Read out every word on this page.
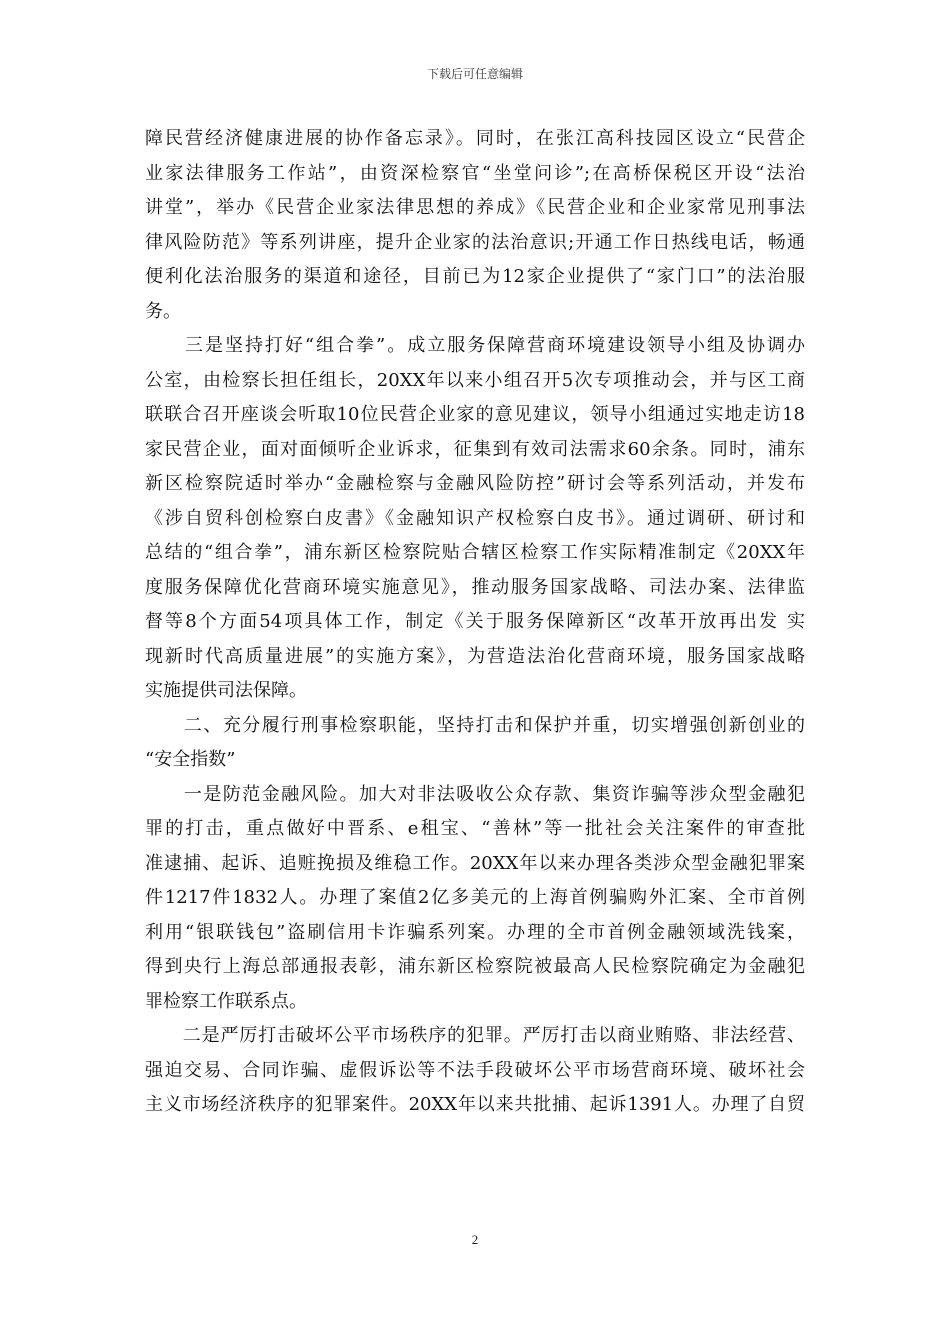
下载后可任意编辑
障民营经济健康进展的协作备忘录》。同时，在张江高科技园区设立“民营企
业家法律服务工作站”，由资深检察官“坐堂问诊”;在高桥保税区开设“法治
讲堂”，举办《民营企业家法律思想的养成》《民营企业和企业家常见刑事法
律风险防范》等系列讲座，提升企业家的法治意识;开通工作日热线电话，畅通
便利化法治服务的渠道和途径，目前已为12家企业提供了“家门口”的法治服
务。
　　三是坚持打好“组合拳”。成立服务保障营商环境建设领导小组及协调办
公室，由检察长担任组长，20XX年以来小组召开5次专项推动会，并与区工商
联联合召开座谈会听取10位民营企业家的意见建议，领导小组通过实地走访18
家民营企业，面对面倾听企业诉求，征集到有效司法需求60余条。同时，浦东
新区检察院适时举办“金融检察与金融风险防控”研讨会等系列活动，并发布
《涉自贸科创检察白皮書》《金融知识产权检察白皮书》。通过调研、研讨和
总结的“组合拳”，浦东新区检察院贴合辖区检察工作实际精准制定《20XX年
度服务保障优化营商环境实施意见》，推动服务国家战略、司法办案、法律监
督等8个方面54项具体工作，制定《关于服务保障新区“改革开放再出发 实
现新时代高质量进展”的实施方案》，为营造法治化营商环境，服务国家战略
实施提供司法保障。
　　二、充分履行刑事检察职能，坚持打击和保护并重，切实增强创新创业的
“安全指数”
　　一是防范金融风险。加大对非法吸收公众存款、集资诈骗等涉众型金融犯
罪的打击，重点做好中晋系、e租宝、“善林”等一批社会关注案件的审查批
准逮捕、起诉、追赃挽损及维稳工作。20XX年以来办理各类涉众型金融犯罪案
件1217件1832人。办理了案值2亿多美元的上海首例骗购外汇案、全市首例
利用“银联钱包”盗刷信用卡诈骗系列案。办理的全市首例金融领域洗钱案，
得到央行上海总部通报表彰，浦东新区检察院被最高人民检察院确定为金融犯
罪检察工作联系点。
　　二是严厉打击破坏公平市场秩序的犯罪。严厉打击以商业贿赂、非法经营、
强迫交易、合同诈骗、虚假诉讼等不法手段破坏公平市场营商环境、破坏社会
主义市场经济秩序的犯罪案件。20XX年以来共批捕、起诉1391人。办理了自贸
2
